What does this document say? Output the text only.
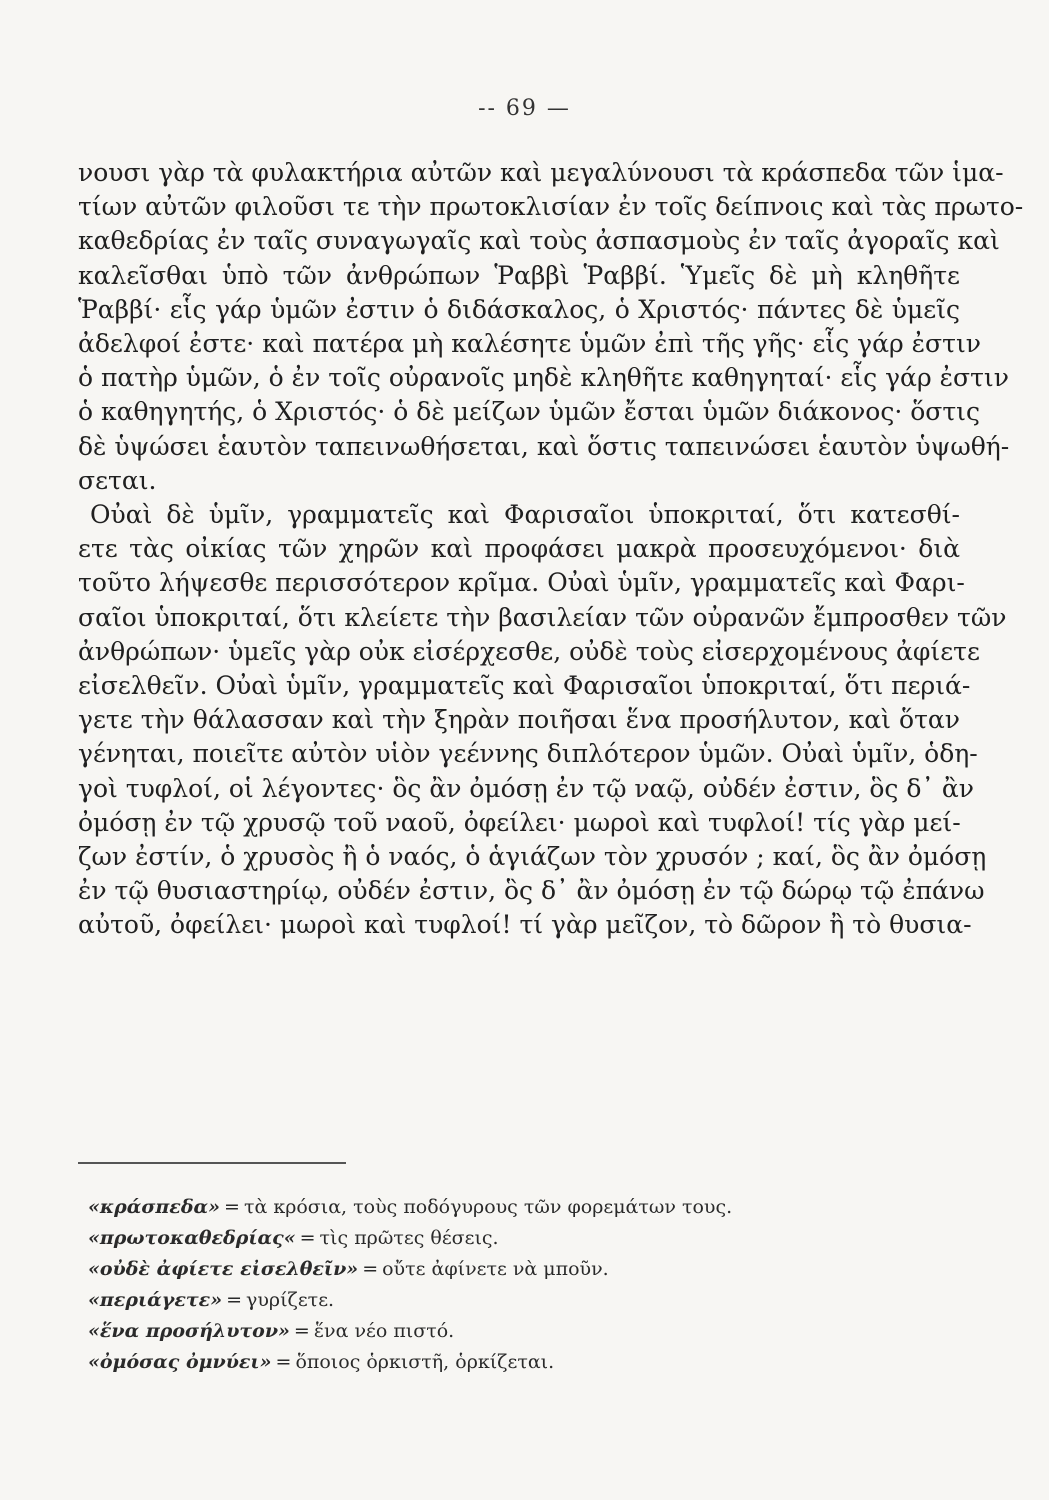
-- 69 —
νουσι γὰρ τὰ φυλακτήρια αὐτῶν καὶ μεγαλύνουσι τὰ κράσπεδα τῶν ἱμα-
τίων αὐτῶν φιλοῦσι τε τὴν πρωτοκλισίαν ἐν τοῖς δείπνοις καὶ τὰς πρωτο-
καθεδρίας ἐν ταῖς συναγωγαῖς καὶ τοὺς ἀσπασμοὺς ἐν ταῖς ἀγοραῖς καὶ
καλεῖσθαι ὑπὸ τῶν ἀνθρώπων Ῥαββὶ Ῥαββί. Ὑμεῖς δὲ μὴ κληθῆτε
Ῥαββί· εἷς γάρ ὑμῶν ἐστιν ὁ διδάσκαλος, ὁ Χριστός· πάντες δὲ ὑμεῖς
ἀδελφοί ἐστε· καὶ πατέρα μὴ καλέσητε ὑμῶν ἐπὶ τῆς γῆς· εἷς γάρ ἐστιν
ὁ πατὴρ ὑμῶν, ὁ ἐν τοῖς οὐρανοῖς μηδὲ κληθῆτε καθηγηταί· εἷς γάρ ἐστιν
ὁ καθηγητής, ὁ Χριστός· ὁ δὲ μείζων ὑμῶν ἔσται ὑμῶν διάκονος· ὅστις
δὲ ὑψώσει ἑαυτὸν ταπεινωθήσεται, καὶ ὅστις ταπεινώσει ἑαυτὸν ὑψωθή-
σεται.
Οὐαὶ δὲ ὑμῖν, γραμματεῖς καὶ Φαρισαῖοι ὑποκριταί, ὅτι κατεσθί-
ετε τὰς οἰκίας τῶν χηρῶν καὶ προφάσει μακρὰ προσευχόμενοι· διὰ
τοῦτο λήψεσθε περισσότερον κρῖμα. Οὐαὶ ὑμῖν, γραμματεῖς καὶ Φαρι-
σαῖοι ὑποκριταί, ὅτι κλείετε τὴν βασιλείαν τῶν οὐρανῶν ἔμπροσθεν τῶν
ἀνθρώπων· ὑμεῖς γὰρ οὐκ εἰσέρχεσθε, οὐδὲ τοὺς εἰσερχομένους ἀφίετε
εἰσελθεῖν. Οὐαὶ ὑμῖν, γραμματεῖς καὶ Φαρισαῖοι ὑποκριταί, ὅτι περιά-
γετε τὴν θάλασσαν καὶ τὴν ξηρὰν ποιῆσαι ἕνα προσήλυτον, καὶ ὅταν
γένηται, ποιεῖτε αὐτὸν υἱὸν γεέννης διπλότερον ὑμῶν. Οὐαὶ ὑμῖν, ὁδη-
γοὶ τυφλοί, οἱ λέγοντες· ὃς ἂν ὀμόσῃ ἐν τῷ ναῷ, οὐδέν ἐστιν, ὃς δ᾽ ἂν
ὀμόσῃ ἐν τῷ χρυσῷ τοῦ ναοῦ, ὀφείλει· μωροὶ καὶ τυφλοί! τίς γὰρ μεί-
ζων ἐστίν, ὁ χρυσὸς ἢ ὁ ναός, ὁ ἁγιάζων τὸν χρυσόν ; καί, ὃς ἂν ὀμόσῃ
ἐν τῷ θυσιαστηρίῳ, οὐδέν ἐστιν, ὃς δ᾽ ἂν ὀμόσῃ ἐν τῷ δώρῳ τῷ ἐπάνω
αὐτοῦ, ὀφείλει· μωροὶ καὶ τυφλοί! τί γὰρ μεῖζον, τὸ δῶρον ἢ τὸ θυσια-
«κράσπεδα» = τὰ κρόσια, τοὺς ποδόγυρους τῶν φορεμάτων τους.
«πρωτοκαθεδρίας« = τὶς πρῶτες θέσεις.
«οὐδὲ ἀφίετε εἰσελθεῖν» = οὔτε ἀφίνετε νὰ μποῦν.
«περιάγετε» = γυρίζετε.
«ἕνα προσήλυτον» = ἕνα νέο πιστό.
«ὀμόσας ὀμνύει» = ὅποιος ὁρκιστῆ, ὁρκίζεται.
